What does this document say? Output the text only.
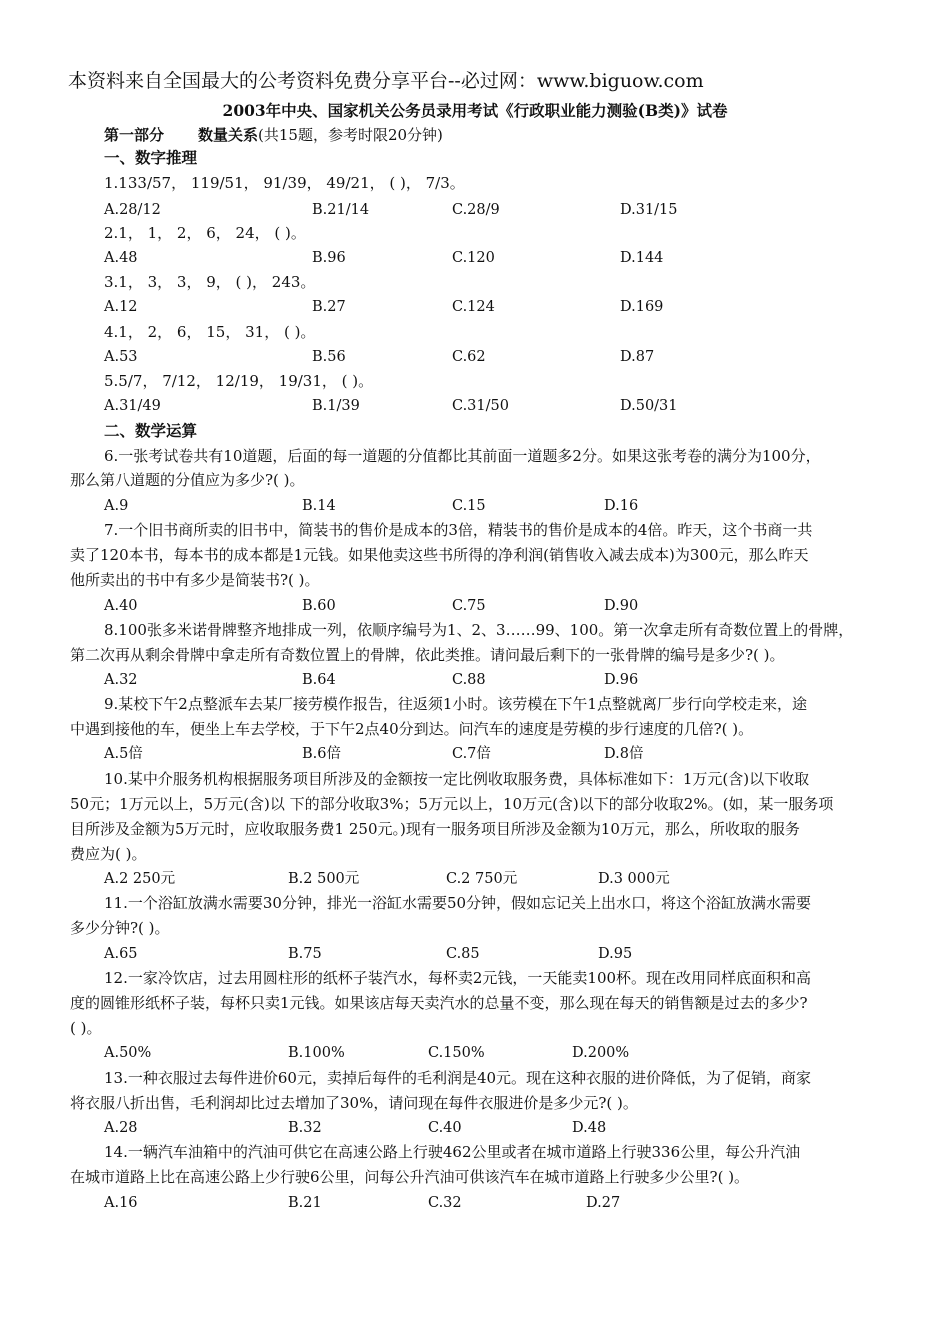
本资料来自全国最大的公考资料免费分享平台--必过网：www.biguow.com
2003年中央、国家机关公务员录用考试《行政职业能力测验(B类)》试卷
第一部分 数量关系(共15题，参考时限20分钟)
一、数字推理
二、数学运算
1.133/57， 119/51， 91/39， 49/21， ( )， 7/3。
A.28/12	B.21/14	C.28/9	D.31/15
2.1， 1， 2， 6， 24， ( )。
A.48	B.96	C.120	D.144
3.1， 3， 3， 9， ( )， 243。
A.12	B.27	C.124	D.169
4.1， 2， 6， 15， 31， ( )。
A.53	B.56	C.62	D.87
5.5/7， 7/12， 12/19， 19/31， ( )。
A.31/49	B.1/39	C.31/50	D.50/31
6.一张考试卷共有10道题，后面的每一道题的分值都比其前面一道题多2分。如果这张考卷的满分为100分，
那么第八道题的分值应为多少?( )。
A.9	B.14	C.15	D.16
7.一个旧书商所卖的旧书中，简装书的售价是成本的3倍，精装书的售价是成本的4倍。昨天，这个书商一共
卖了120本书，每本书的成本都是1元钱。如果他卖这些书所得的净利润(销售收入减去成本)为300元，那么昨天
他所卖出的书中有多少是简装书?( )。
A.40	B.60	C.75	D.90
8.100张多米诺骨牌整齐地排成一列，依顺序编号为1、2、3……99、100。第一次拿走所有奇数位置上的骨牌，
第二次再从剩余骨牌中拿走所有奇数位置上的骨牌，依此类推。请问最后剩下的一张骨牌的编号是多少?( )。
A.32	B.64	C.88	D.96
9.某校下午2点整派车去某厂接劳模作报告，往返须1小时。该劳模在下午1点整就离厂步行向学校走来，途
中遇到接他的车，便坐上车去学校，于下午2点40分到达。问汽车的速度是劳模的步行速度的几倍?( )。
A.5倍	B.6倍	C.7倍	D.8倍
10.某中介服务机构根据服务项目所涉及的金额按一定比例收取服务费，具体标准如下：1万元(含)以下收取
50元；1万元以上，5万元(含)以 下的部分收取3%；5万元以上，10万元(含)以下的部分收取2%。(如，某一服务项
目所涉及金额为5万元时，应收取服务费1 250元。)现有一服务项目所涉及金额为10万元，那么，所收取的服务
费应为( )。
A.2 250元	B.2 500元	C.2 750元	D.3 000元
11.一个浴缸放满水需要30分钟，排光一浴缸水需要50分钟，假如忘记关上出水口，将这个浴缸放满水需要
多少分钟?( )。
A.65	B.75	C.85	D.95
12.一家冷饮店，过去用圆柱形的纸杯子装汽水，每杯卖2元钱，一天能卖100杯。现在改用同样底面积和高
度的圆锥形纸杯子装，每杯只卖1元钱。如果该店每天卖汽水的总量不变，那么现在每天的销售额是过去的多少?
( )。
A.50%	B.100%	C.150%	D.200%
13.一种衣服过去每件进价60元，卖掉后每件的毛利润是40元。现在这种衣服的进价降低，为了促销，商家
将衣服八折出售，毛利润却比过去增加了30%，请问现在每件衣服进价是多少元?( )。
A.28	B.32	C.40	D.48
14.一辆汽车油箱中的汽油可供它在高速公路上行驶462公里或者在城市道路上行驶336公里，每公升汽油
在城市道路上比在高速公路上少行驶6公里，问每公升汽油可供该汽车在城市道路上行驶多少公里?( )。
A.16	B.21	C.32	D.27
